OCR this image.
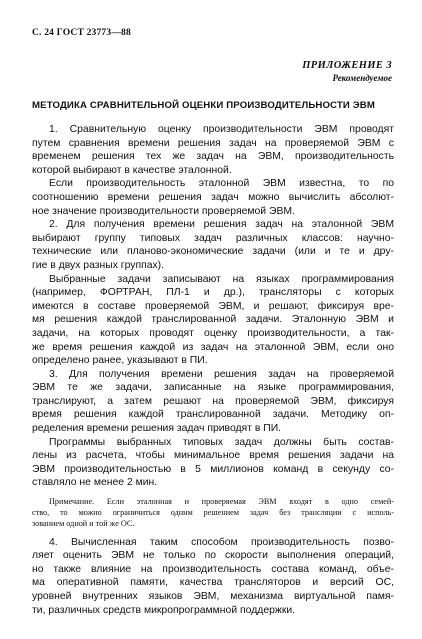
С. 24 ГОСТ 23773—88
ПРИЛОЖЕНИЕ 3
Рекомендуемое
МЕТОДИКА СРАВНИТЕЛЬНОЙ ОЦЕНКИ ПРОИЗВОДИТЕЛЬНОСТИ ЭВМ
1. Сравнительную оценку производительности ЭВМ проводят
путем сравнения времени решения задач на проверяемой ЭВМ с
временем решения тех же задач на ЭВМ, производительность
которой выбирают в качестве эталонной.
Если производительность эталонной ЭВМ известна, то по
соотношению времени решения задач можно вычислить абсолют-
ное значение производительности проверяемой ЭВМ.
2. Для получения времени решения задач на эталонной ЭВМ
выбирают группу типовых задач различных классов: научно-
технические или планово-экономические задачи (или и те и дру-
гие в двух разных группах).
Выбранные задачи записывают на языках программирования
(например, ФОРТРАН, ПЛ-1 и др.), трансляторы с которых
имеются в составе проверяемой ЭВМ, и решают, фиксируя вре-
мя решения каждой транслированной задачи. Эталонную ЭВМ и
задачи, на которых проводят оценку производительности, а так-
же время решения каждой из задач на эталонной ЭВМ, если оно
определено ранее, указывают в ПИ.
3. Для получения времени решения задач на проверяемой
ЭВМ те же задачи, записанные на языке программирования,
транслируют, а затем решают на проверяемой ЭВМ, фиксируя
время решения каждой транслированной задачи. Методику оп-
ределения времени решения задач приводят в ПИ.
Программы выбранных типовых задач должны быть состав-
лены из расчета, чтобы минимальное время решения задачи на
ЭВМ производительностью в 5 миллионов команд в секунду со-
ставляло не менее 2 мин.
Примечание. Если эталонная и проверяемая ЭВМ входят в одно семей-
ство, то можно ограничиться одним решением задач без трансляции с исполь-
зованием одной и той же ОС.
4. Вычисленная таким способом производительность позво-
ляет оценить ЭВМ не только по скорости выполнения операций,
но также влияние на производительность состава команд, объе-
ма оперативной памяти, качества трансляторов и версий ОС,
уровней внутренних языков ЭВМ, механизма виртуальной памя-
ти, различных средств микропрограммной поддержки.
